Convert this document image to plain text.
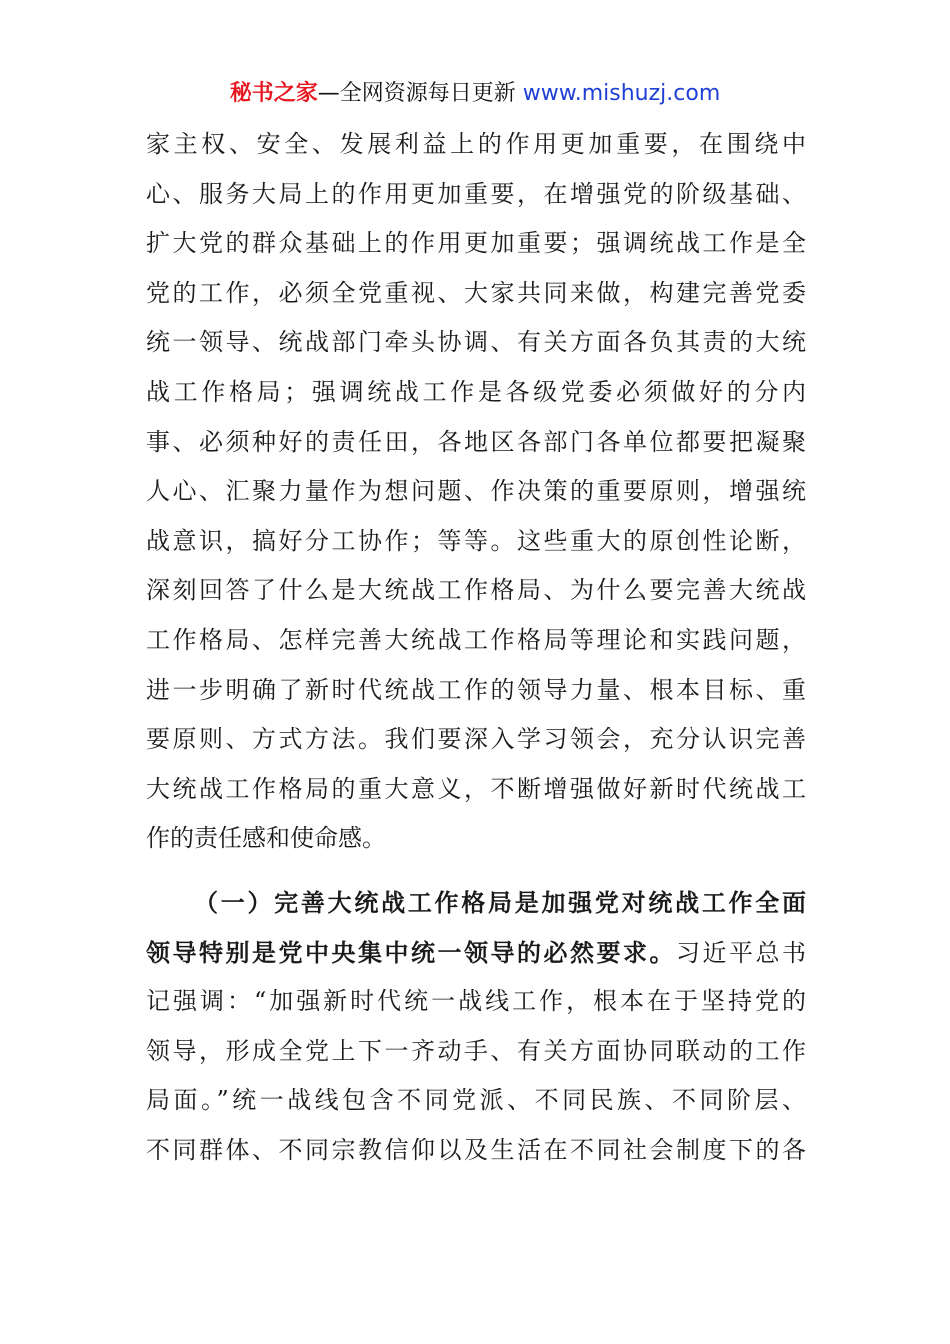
秘书之家—全网资源每日更新 www.mishuzj.com
家主权、安全、发展利益上的作用更加重要，在围绕中
心、服务大局上的作用更加重要，在增强党的阶级基础、
扩大党的群众基础上的作用更加重要；强调统战工作是全
党的工作，必须全党重视、大家共同来做，构建完善党委
统一领导、统战部门牵头协调、有关方面各负其责的大统
战工作格局；强调统战工作是各级党委必须做好的分内
事、必须种好的责任田，各地区各部门各单位都要把凝聚
人心、汇聚力量作为想问题、作决策的重要原则，增强统
战意识，搞好分工协作；等等。这些重大的原创性论断，
深刻回答了什么是大统战工作格局、为什么要完善大统战
工作格局、怎样完善大统战工作格局等理论和实践问题，
进一步明确了新时代统战工作的领导力量、根本目标、重
要原则、方式方法。我们要深入学习领会，充分认识完善
大统战工作格局的重大意义，不断增强做好新时代统战工
作的责任感和使命感。
（一）完善大统战工作格局是加强党对统战工作全面
领导特别是党中央集中统一领导的必然要求。习近平总书
记强调：“加强新时代统一战线工作，根本在于坚持党的
领导，形成全党上下一齐动手、有关方面协同联动的工作
局面。”统一战线包含不同党派、不同民族、不同阶层、
不同群体、不同宗教信仰以及生活在不同社会制度下的各
